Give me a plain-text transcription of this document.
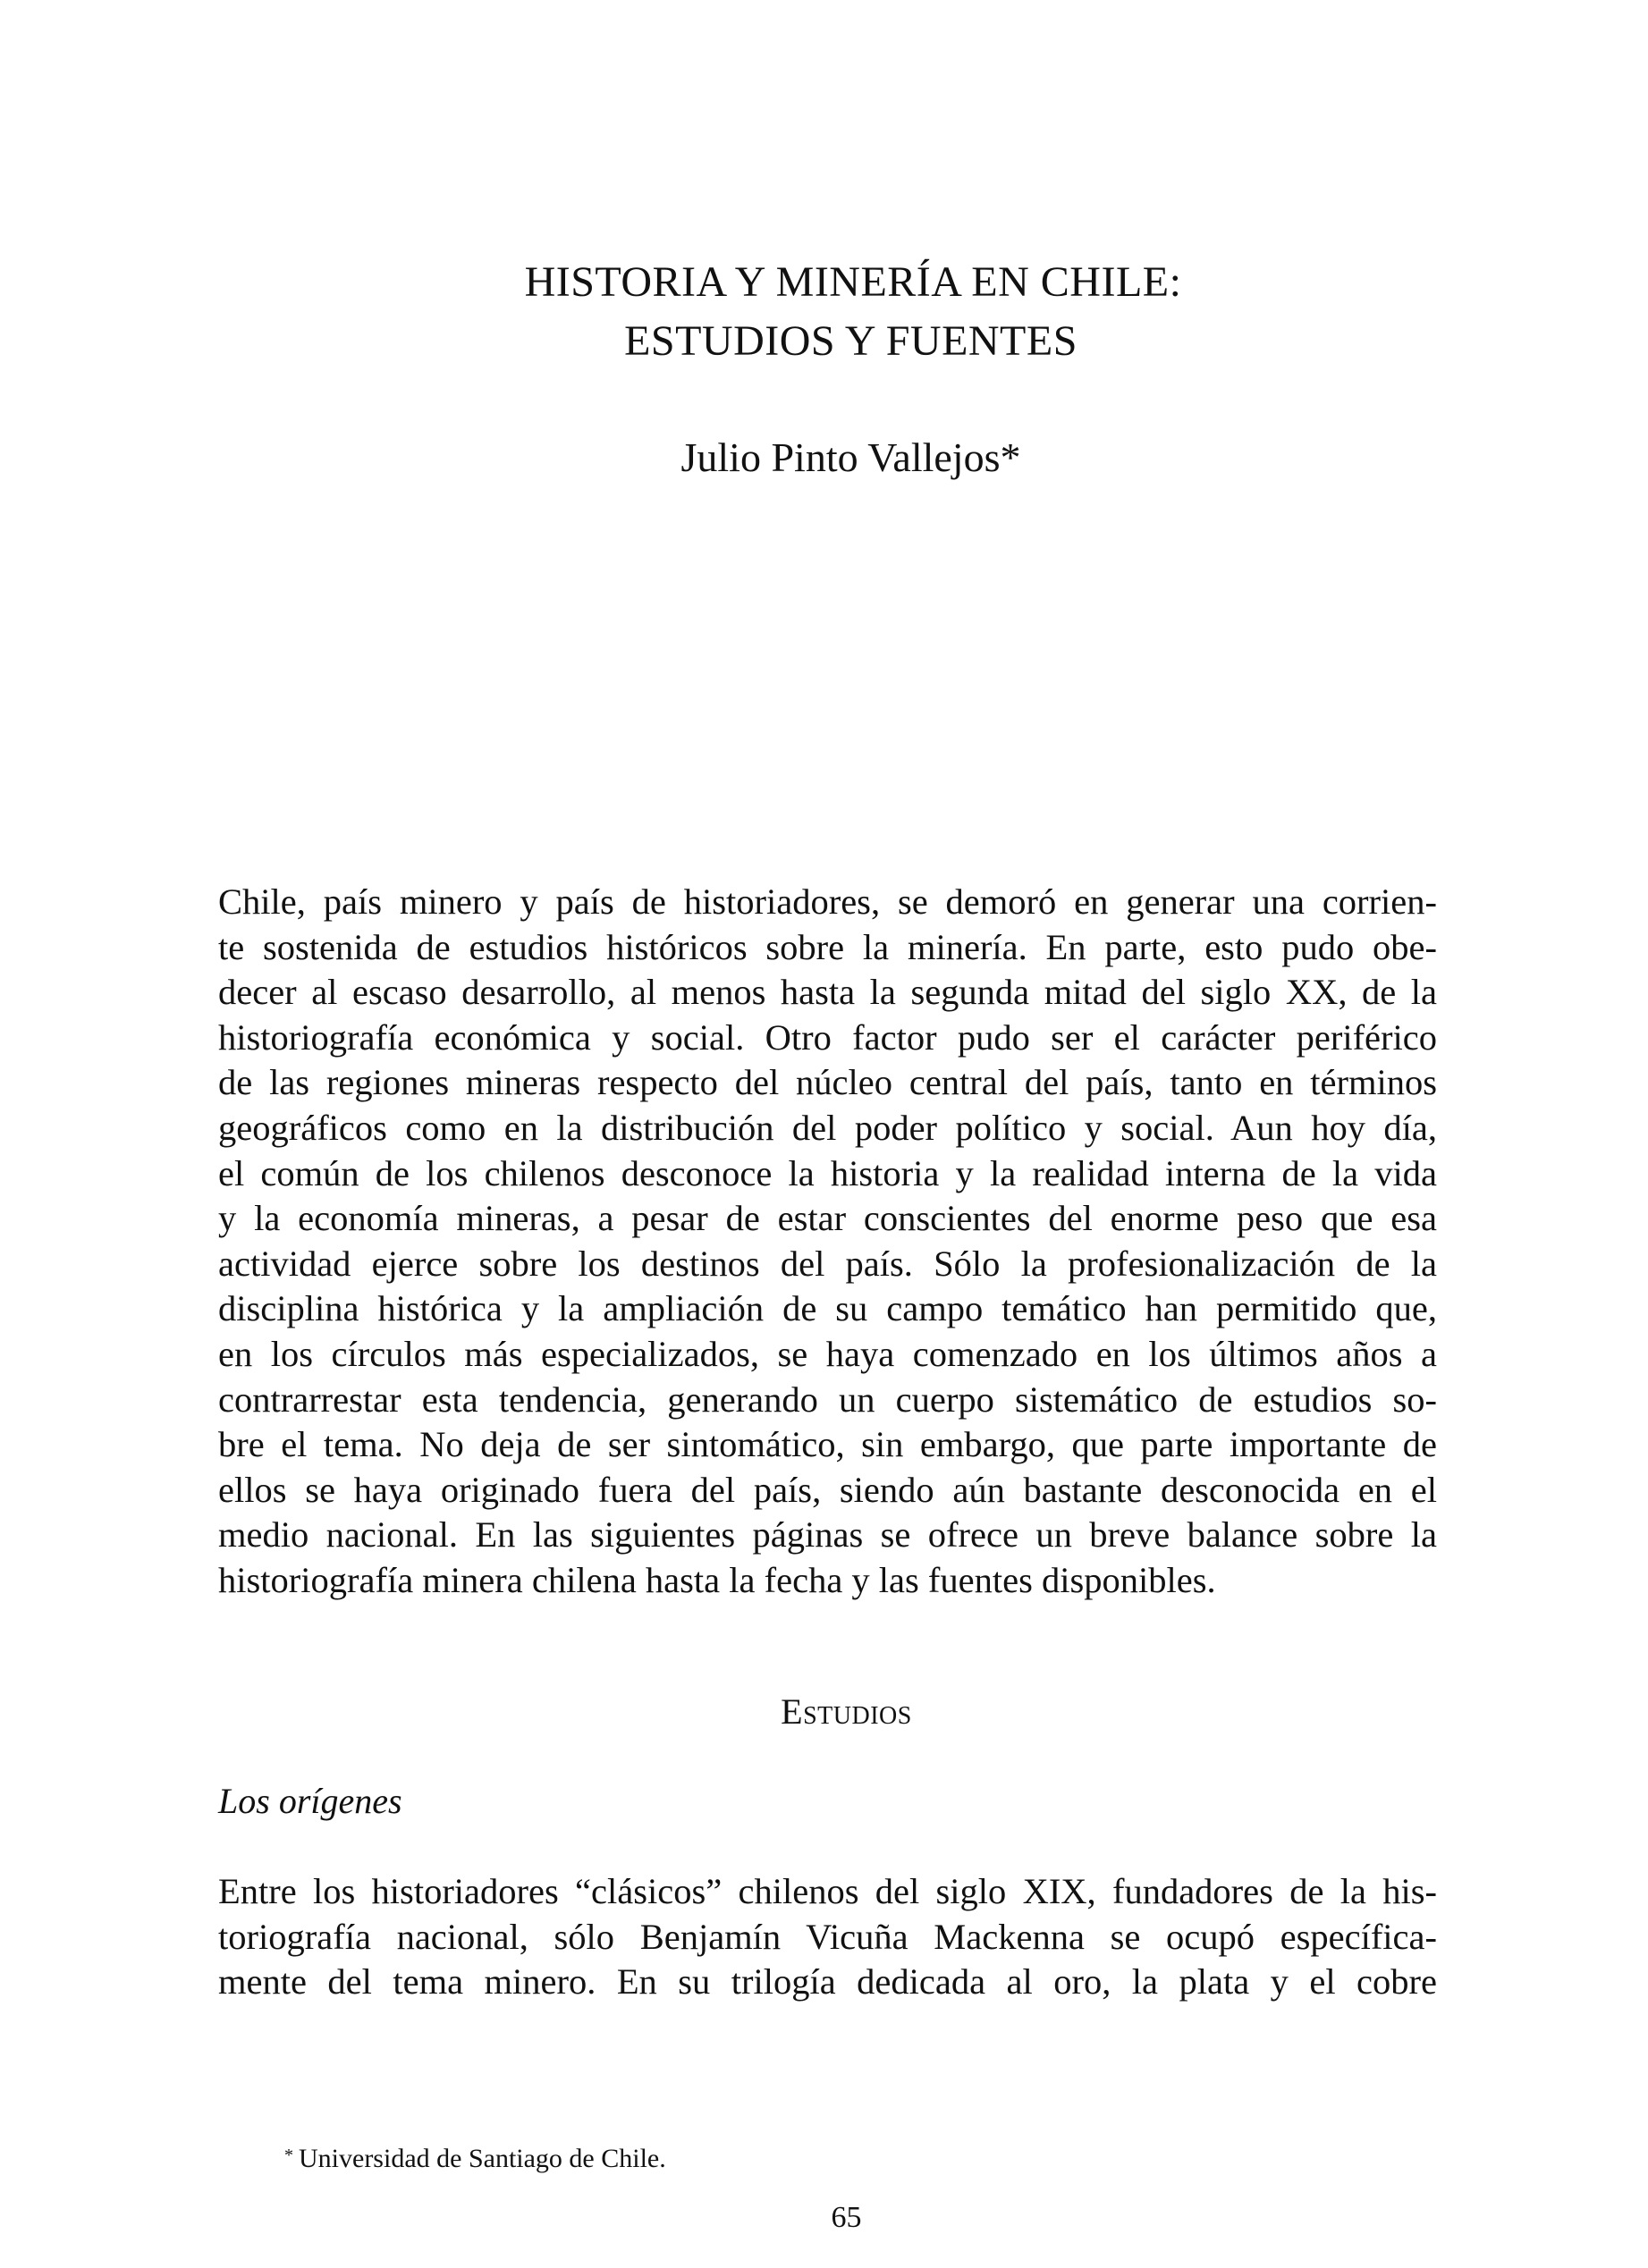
HISTORIA Y MINERÍA EN CHILE:
ESTUDIOS Y FUENTES
Julio Pinto Vallejos*
Chile, país minero y país de historiadores, se demoró en generar una corrien-
te sostenida de estudios históricos sobre la minería. En parte, esto pudo obe-
decer al escaso desarrollo, al menos hasta la segunda mitad del siglo XX, de la
historiografía económica y social. Otro factor pudo ser el carácter periférico
de las regiones mineras respecto del núcleo central del país, tanto en términos
geográficos como en la distribución del poder político y social. Aun hoy día,
el común de los chilenos desconoce la historia y la realidad interna de la vida
y la economía mineras, a pesar de estar conscientes del enorme peso que esa
actividad ejerce sobre los destinos del país. Sólo la profesionalización de la
disciplina histórica y la ampliación de su campo temático han permitido que,
en los círculos más especializados, se haya comenzado en los últimos años a
contrarrestar esta tendencia, generando un cuerpo sistemático de estudios so-
bre el tema. No deja de ser sintomático, sin embargo, que parte importante de
ellos se haya originado fuera del país, siendo aún bastante desconocida en el
medio nacional. En las siguientes páginas se ofrece un breve balance sobre la
historiografía minera chilena hasta la fecha y las fuentes disponibles.
Estudios
Los orígenes
Entre los historiadores “clásicos” chilenos del siglo XIX, fundadores de la his-
toriografía nacional, sólo Benjamín Vicuña Mackenna se ocupó específica-
mente del tema minero. En su trilogía dedicada al oro, la plata y el cobre
* Universidad de Santiago de Chile.
65
